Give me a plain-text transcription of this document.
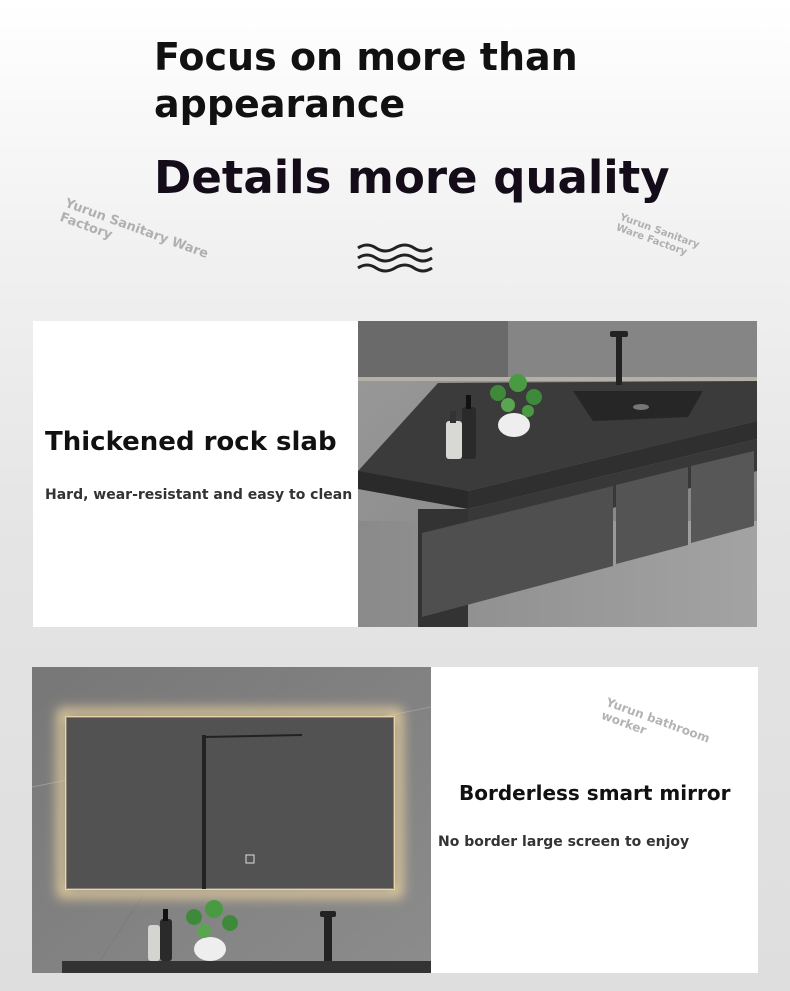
Focus on more than appearance
Details more quality
Yurun Sanitary Ware
Factory	Yurun Sanitary
Ware Factory
Thickened rock slab
Hard, wear-resistant and easy to clean
Yurun bathroom
worker
Borderless smart mirror
No border large screen to enjoy
